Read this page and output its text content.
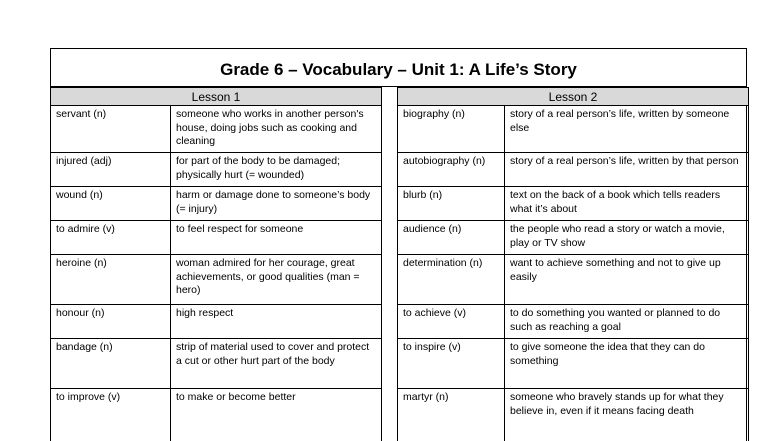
Grade 6 – Vocabulary – Unit 1: A Life’s Story
Lesson 1	
servant (n)	someone who works in another person's house, doing jobs such as cooking and cleaning
injured (adj)	for part of the body to be damaged; physically hurt (= wounded)
wound (n)	harm or damage done to someone’s body (= injury)
to admire (v)	to feel respect for someone
heroine (n)	woman admired for her courage, great achievements, or good qualities (man = hero)
honour (n)	high respect
bandage (n)	strip of material used to cover and protect a cut or other hurt part of the body
to improve (v)	to make or become better
Lesson 2	
biography (n)	story of a real person’s life, written by someone else
autobiography (n)	story of a real person’s life, written by that person
blurb (n)	text on the back of a book which tells readers what it’s about
audience (n)	the people who read a story or watch a movie, play or TV show
determination (n)	want to achieve something and not to give up easily
to achieve (v)	to do something you wanted or planned to do such as reaching a goal
to inspire (v)	to give someone the idea that they can do something
martyr (n)	someone who bravely stands up for what they believe in, even if it means facing death
